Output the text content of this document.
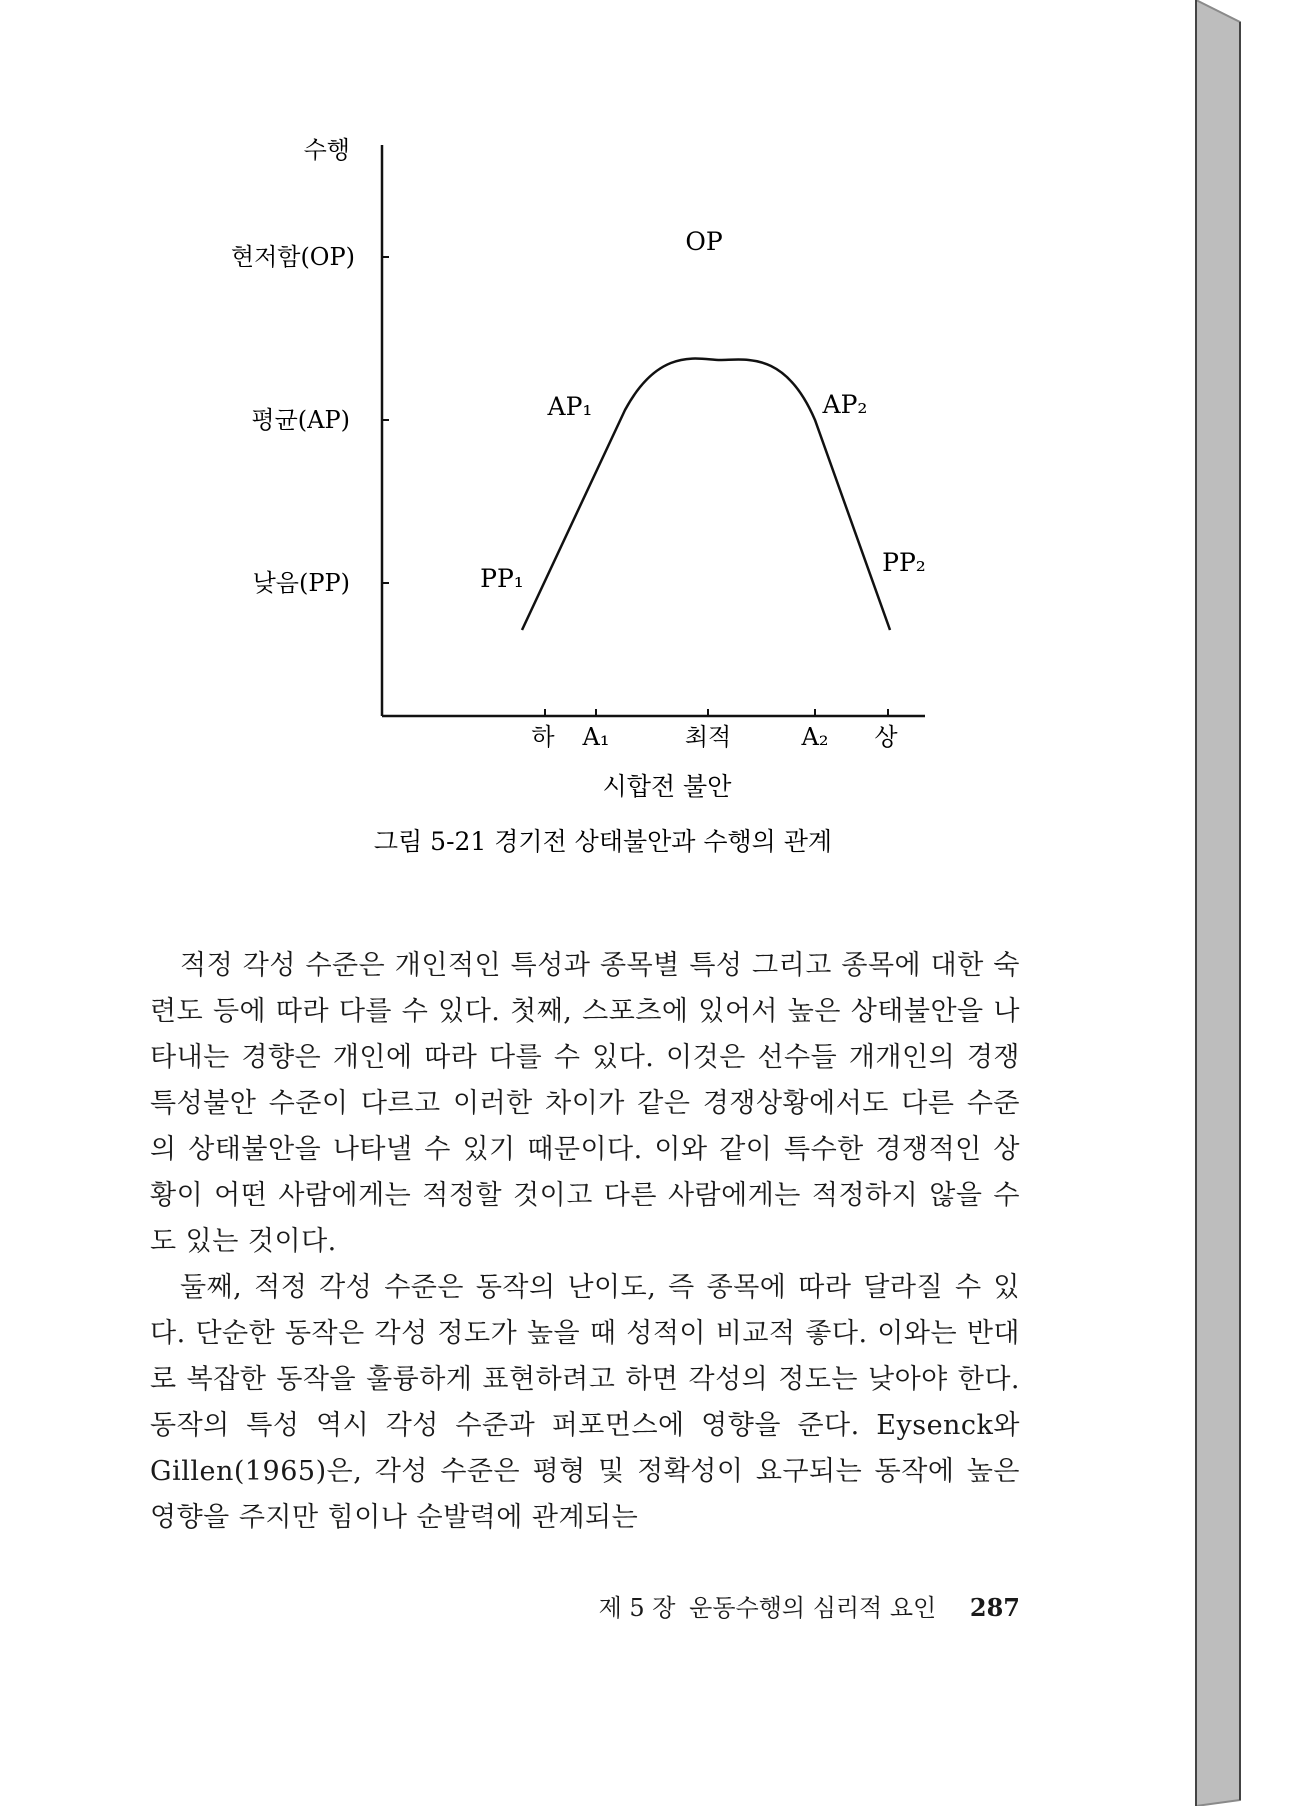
수행
현저함(OP)
평균(AP)
낮음(PP)
하 A₁	최적	A₂ 상
시합전 불안
OP
AP₁	AP₂
PP₁
PP₂
그림 5-21 경기전 상태불안과 수행의 관계

적정 각성 수준은 개인적인 특성과 종목별 특성 그리고 종목에 대한 숙련도 등에 따라 다를 수 있다. 첫째, 스포츠에 있어서 높은 상태불안을 나타내는 경향은 개인에 따라 다를 수 있다. 이것은 선수들 개개인의 경쟁 특성불안 수준이 다르고 이러한 차이가 같은 경쟁상황에서도 다른 수준의 상태불안을 나타낼 수 있기 때문이다. 이와 같이 특수한 경쟁적인 상황이 어떤 사람에게는 적정할 것이고 다른 사람에게는 적정하지 않을 수도 있는 것이다.

둘째, 적정 각성 수준은 동작의 난이도, 즉 종목에 따라 달라질 수 있다. 단순한 동작은 각성 정도가 높을 때 성적이 비교적 좋다. 이와는 반대로 복잡한 동작을 훌륭하게 표현하려고 하면 각성의 정도는 낮아야 한다. 동작의 특성 역시 각성 수준과 퍼포먼스에 영향을 준다. Eysenck와 Gillen(1965)은, 각성 수준은 평형 및 정확성이 요구되는 동작에 높은 영향을 주지만 힘이나 순발력에 관계되는

제 5 장 운동수행의 심리적 요인 287
